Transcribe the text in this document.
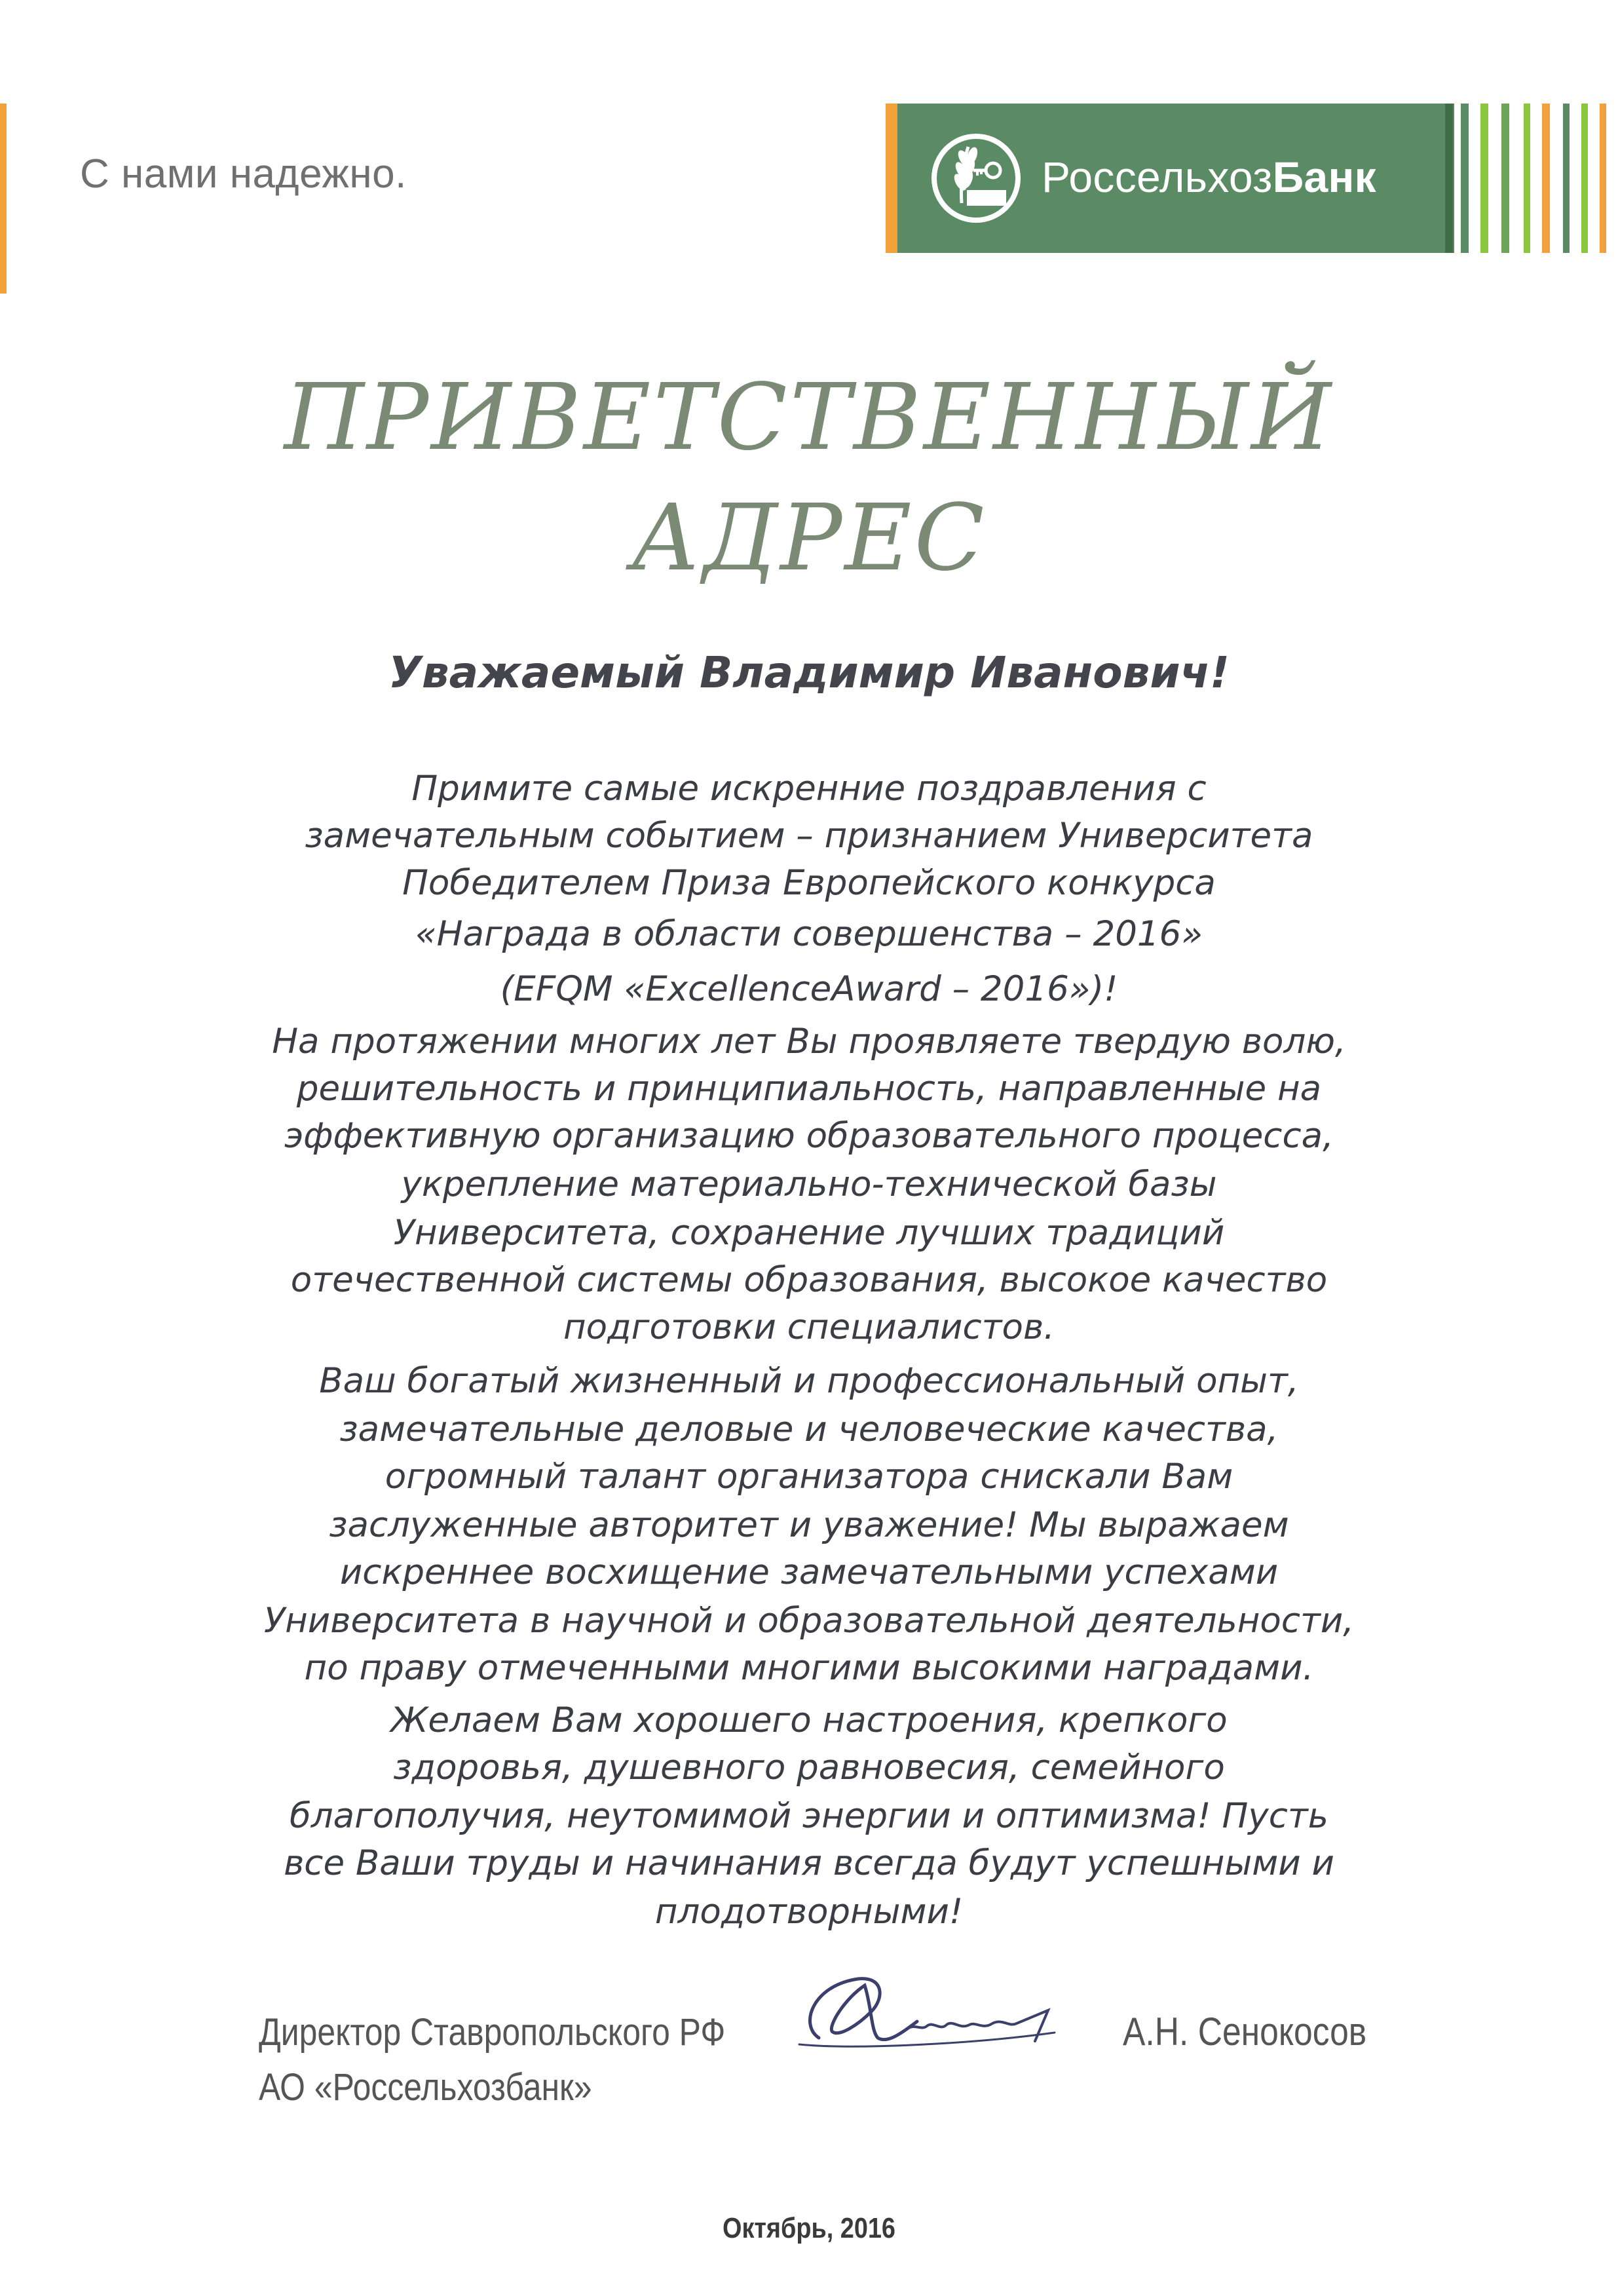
С нами надежно.	РоссельхозБанк
ПРИВЕТСТВЕННЫЙ
АДРЕС
Уважаемый Владимир Иванович!
Примите самые искренние поздравления с
замечательным событием – признанием Университета
Победителем Приза Европейского конкурса
«Награда в области совершенства – 2016»
(EFQM «ExcellenceAward – 2016»)!
На протяжении многих лет Вы проявляете твердую волю,
решительность и принципиальность, направленные на
эффективную организацию образовательного процесса,
укрепление материально-технической базы
Университета, сохранение лучших традиций
отечественной системы образования, высокое качество
подготовки специалистов.
Ваш богатый жизненный и профессиональный опыт,
замечательные деловые и человеческие качества,
огромный талант организатора снискали Вам
заслуженные авторитет и уважение! Мы выражаем
искреннее восхищение замечательными успехами
Университета в научной и образовательной деятельности,
по праву отмеченными многими высокими наградами.
Желаем Вам хорошего настроения, крепкого
здоровья, душевного равновесия, семейного
благополучия, неутомимой энергии и оптимизма! Пусть
все Ваши труды и начинания всегда будут успешными и
плодотворными!
Директор Ставропольского РФ
АО «Россельхозбанк»
А.Н. Сенокосов
Октябрь, 2016
